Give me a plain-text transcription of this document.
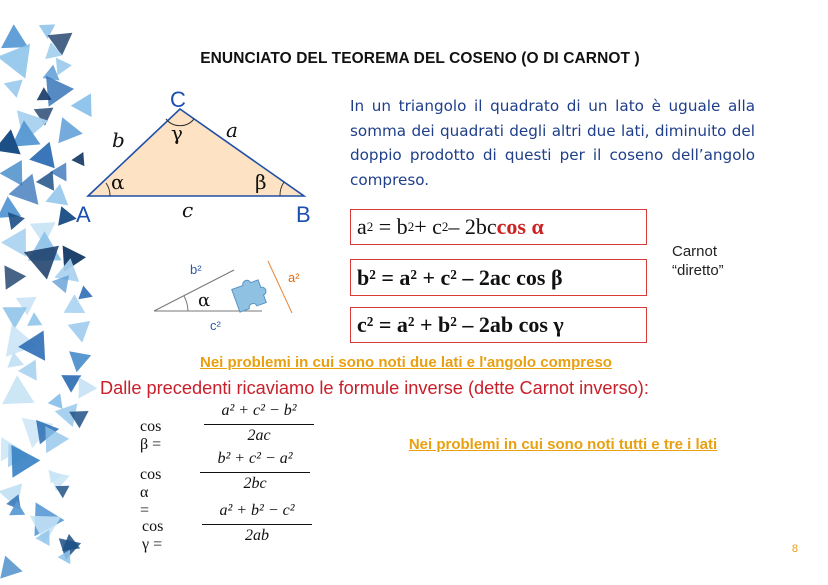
ENUNCIATO DEL TEOREMA DEL COSENO (O DI CARNOT )
C
A	B
a
b
c
α	β
γ
In un triangolo il quadrato di un lato è uguale alla somma dei quadrati degli altri due lati, diminuito del doppio prodotto di questi per il coseno dell’angolo compreso.
a 2
= b 2 + c 2 – 2bc cos α
b² = a² + c² – 2ac cos β
c² = a² + b² – 2ab cos γ
Carnot
“diretto”
b²
a²
c²
α
Nei problemi in cui sono noti due lati e l'angolo compreso
Dalle precedenti ricaviamo le formule inverse (dette Carnot inverso):
cos β =
a² + c² − b²
2ac
cos α =
b² + c² − a²
2bc
cos γ =
a² + b² − c²
2ab
Nei problemi in cui sono noti tutti e tre i lati
8
